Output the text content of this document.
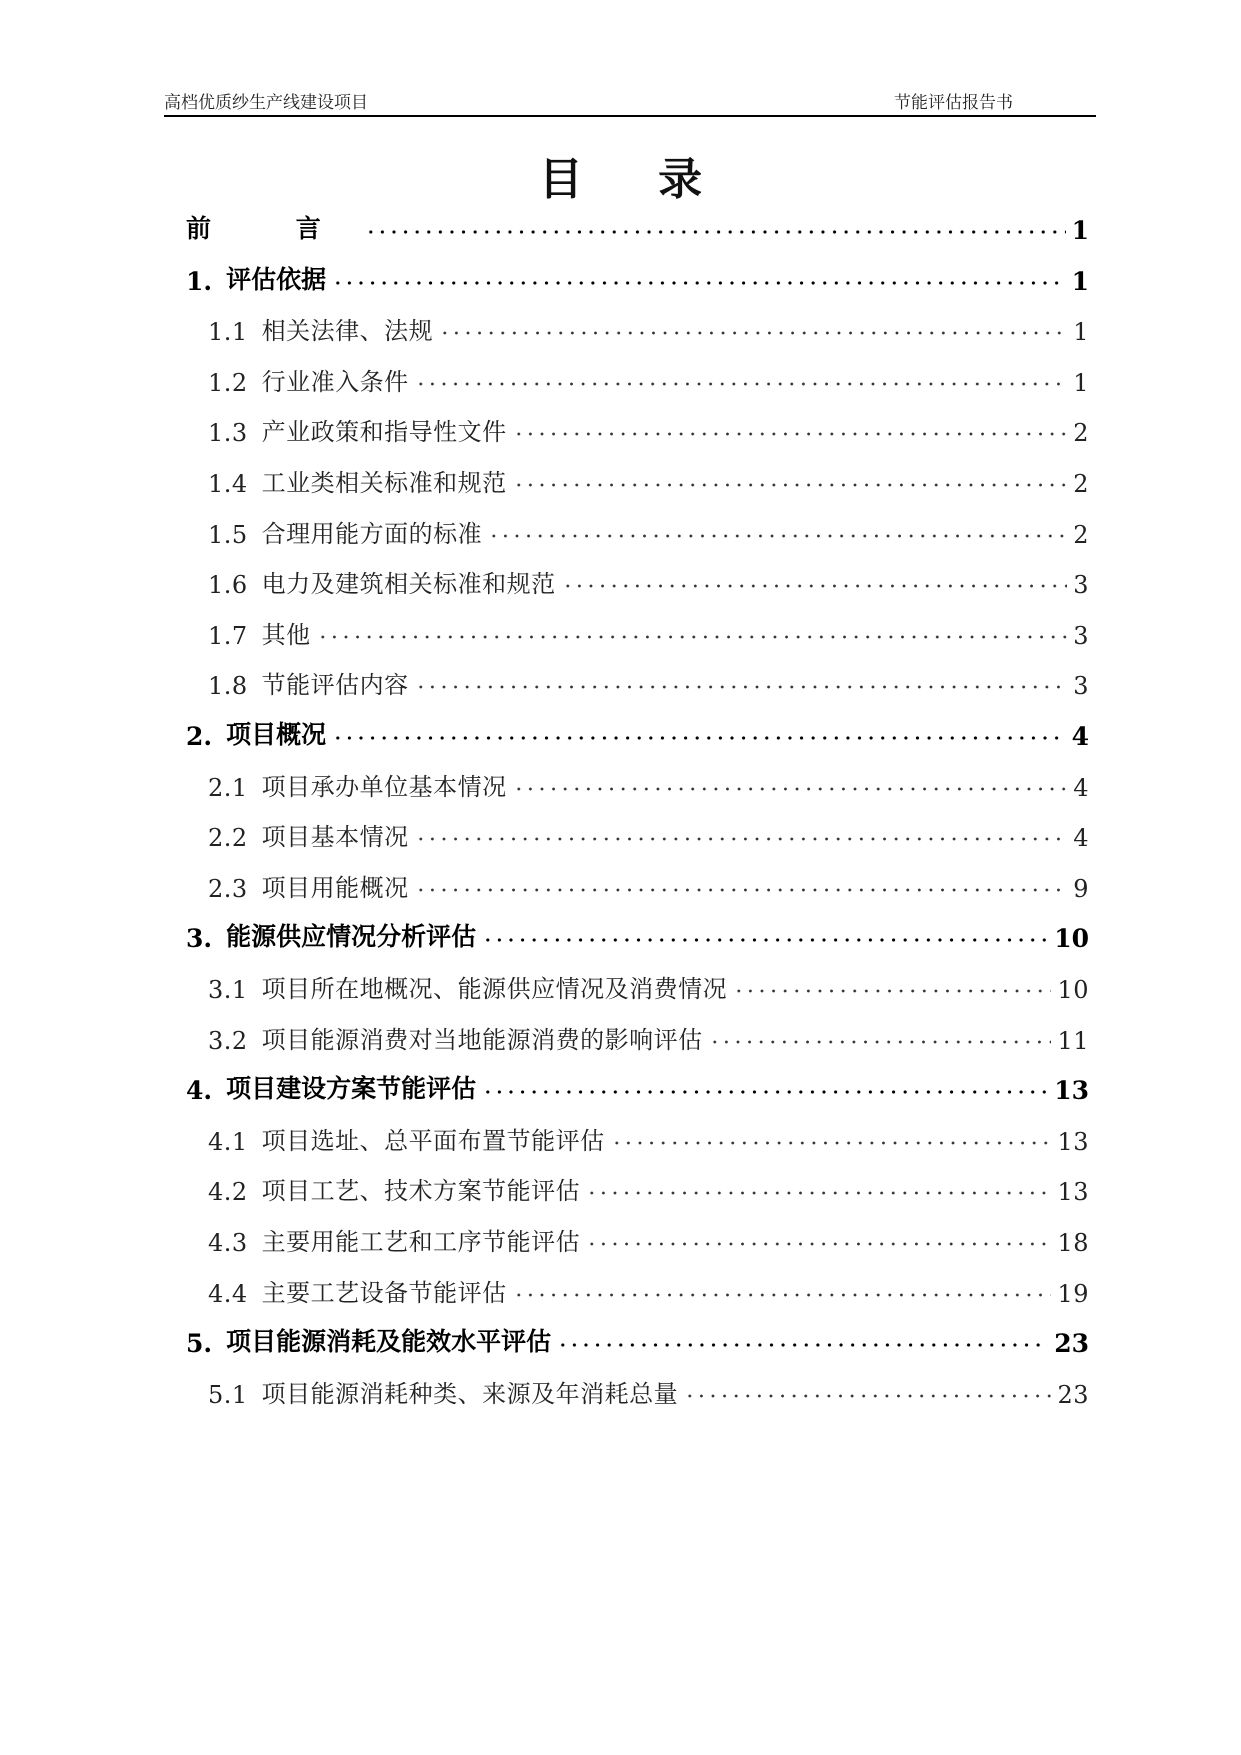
高档优质纱生产线建设项目	节能评估报告书
目 录
前 言	1
1. 评估依据	1
1.1 相关法律、法规	1
1.2 行业准入条件	1
1.3 产业政策和指导性文件	2
1.4 工业类相关标准和规范	2
1.5 合理用能方面的标准	2
1.6 电力及建筑相关标准和规范	3
1.7 其他	3
1.8 节能评估内容	3
2. 项目概况	4
2.1 项目承办单位基本情况	4
2.2 项目基本情况	4
2.3 项目用能概况	9
3. 能源供应情况分析评估	10
3.1 项目所在地概况、能源供应情况及消费情况	10
3.2 项目能源消费对当地能源消费的影响评估	11
4. 项目建设方案节能评估	13
4.1 项目选址、总平面布置节能评估	13
4.2 项目工艺、技术方案节能评估	13
4.3 主要用能工艺和工序节能评估	18
4.4 主要工艺设备节能评估	19
5. 项目能源消耗及能效水平评估	23
5.1 项目能源消耗种类、来源及年消耗总量	23
